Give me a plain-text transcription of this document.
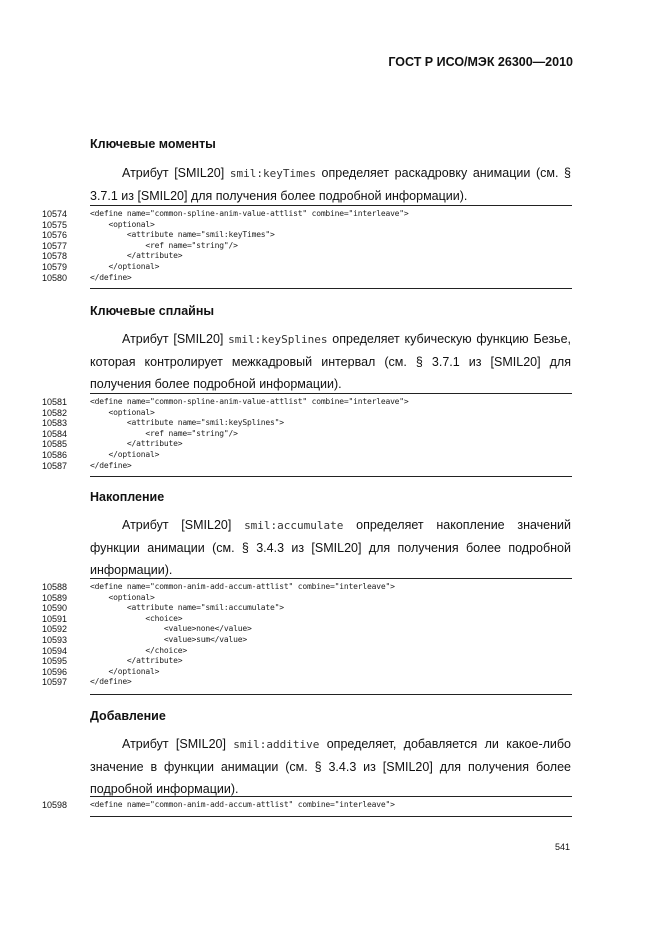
ГОСТ Р ИСО/МЭК 26300—2010
Ключевые моменты
Атрибут [SMIL20] smil:keyTimes определяет раскадровку анимации (см. § 3.7.1 из [SMIL20] для получения более подробной информации).
10574	<define name="common-spline-anim-value-attlist" combine="interleave">
10575	<optional>
10576	<attribute name="smil:keyTimes">
10577	<ref name="string"/>
10578	</attribute>
10579	</optional>
10580	</define>
Ключевые сплайны
Атрибут [SMIL20] smil:keySplines определяет кубическую функцию Безье, которая контролирует межкадровый интервал (см. § 3.7.1 из [SMIL20] для получения более подробной информации).
10581	<define name="common-spline-anim-value-attlist" combine="interleave">
10582	<optional>
10583	<attribute name="smil:keySplines">
10584	<ref name="string"/>
10585	</attribute>
10586	</optional>
10587	</define>
Накопление
Атрибут [SMIL20] smil:accumulate определяет накопление значений функции анимации (см. § 3.4.3 из [SMIL20] для получения более подробной информации).
10588	<define name="common-anim-add-accum-attlist" combine="interleave">
10589	<optional>
10590	<attribute name="smil:accumulate">
10591	<choice>
10592	<value>none</value>
10593	<value>sum</value>
10594	</choice>
10595	</attribute>
10596	</optional>
10597	</define>
Добавление
Атрибут [SMIL20] smil:additive определяет, добавляется ли какое-либо значение в функции анимации (см. § 3.4.3 из [SMIL20] для получения более подробной информации).
10598	<define name="common-anim-add-accum-attlist" combine="interleave">
541
